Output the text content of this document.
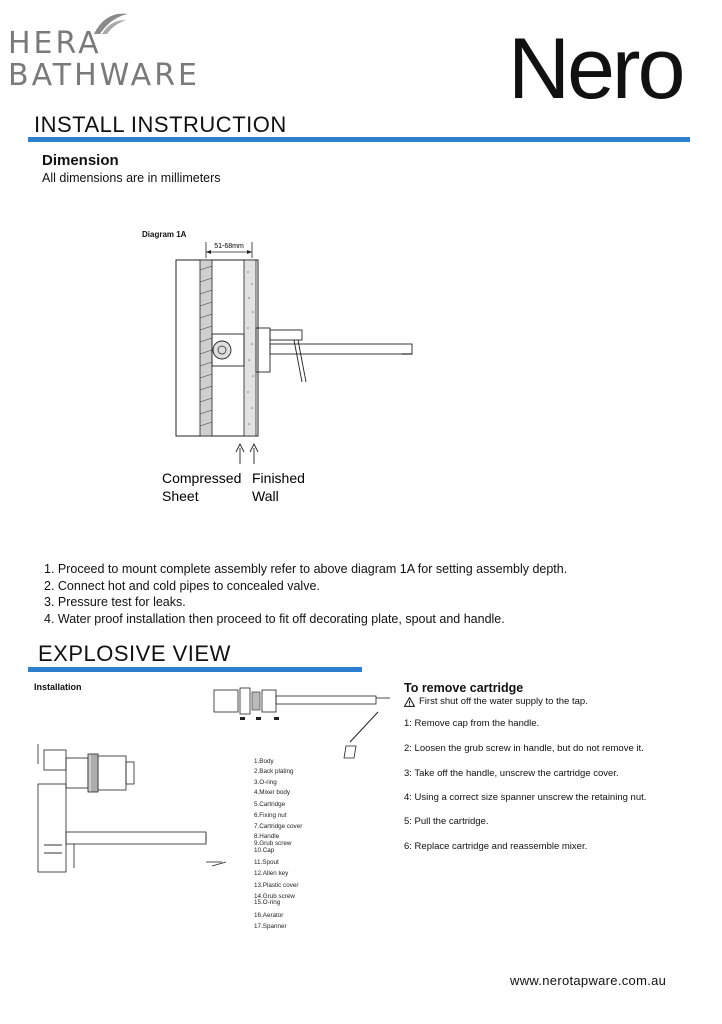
HERA
BATHWARE	Nero
INSTALL INSTRUCTION
Dimension
All dimensions are in millimeters
Diagram 1A
51-68mm
Compressed
Sheet
Finished
Wall
1. Proceed to mount complete assembly refer to above diagram 1A for setting assembly depth.
2. Connect hot and cold pipes to concealed valve.
3. Pressure test for leaks.
4. Water proof installation then proceed to fit off decorating plate, spout and handle.
EXPLOSIVE VIEW
Installation
1.Body
2.Back plating
3.O-ring
4.Mixer body
5.Cartridge
6.Fixing nut
7.Cartridge cover
8.Handle
9.Grub screw
10.Cap
11.Spout
12.Allen key
13.Plastic cover
14.Grub screw
15.O-ring
16.Aerator
17.Spanner
To remove cartridge
First shut off the water supply to the tap.
1: Remove cap from the handle.
2: Loosen the grub screw in handle, but do not remove it.
3: Take off the handle, unscrew the cartridge cover.
4: Using a correct size spanner unscrew the retaining nut.
5: Pull the cartridge.
6: Replace cartridge and reassemble mixer.
www.nerotapware.com.au
